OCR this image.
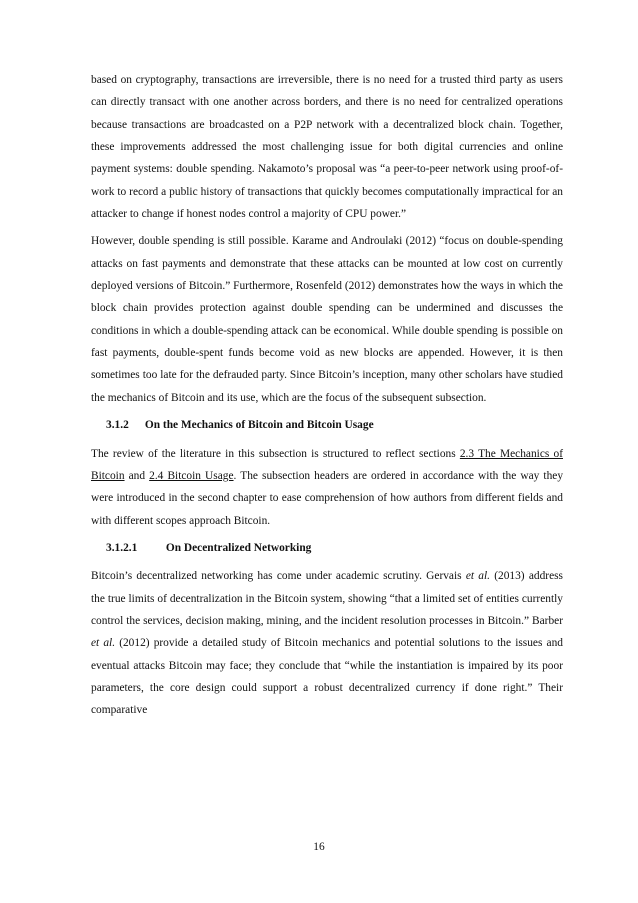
based on cryptography, transactions are irreversible, there is no need for a trusted third party as users can directly transact with one another across borders, and there is no need for centralized operations because transactions are broadcasted on a P2P network with a decentralized block chain. Together, these improvements addressed the most challenging issue for both digital currencies and online payment systems: double spending. Nakamoto’s proposal was “a peer-to-peer network using proof-of-work to record a public history of transactions that quickly becomes computationally impractical for an attacker to change if honest nodes control a majority of CPU power.”

However, double spending is still possible. Karame and Androulaki (2012) “focus on double-spending attacks on fast payments and demonstrate that these attacks can be mounted at low cost on currently deployed versions of Bitcoin.” Furthermore, Rosenfeld (2012) demonstrates how the ways in which the block chain provides protection against double spending can be undermined and discusses the conditions in which a double-spending attack can be economical. While double spending is possible on fast payments, double-spent funds become void as new blocks are appended. However, it is then sometimes too late for the defrauded party. Since Bitcoin’s inception, many other scholars have studied the mechanics of Bitcoin and its use, which are the focus of the subsequent subsection.

3.1.2 On the Mechanics of Bitcoin and Bitcoin Usage

The review of the literature in this subsection is structured to reflect sections 2.3 The Mechanics of Bitcoin and 2.4 Bitcoin Usage. The subsection headers are ordered in accordance with the way they were introduced in the second chapter to ease comprehension of how authors from different fields and with different scopes approach Bitcoin.

3.1.2.1	On Decentralized Networking

Bitcoin’s decentralized networking has come under academic scrutiny. Gervais et al. (2013) address the true limits of decentralization in the Bitcoin system, showing “that a limited set of entities currently control the services, decision making, mining, and the incident resolution processes in Bitcoin.” Barber et al. (2012) provide a detailed study of Bitcoin mechanics and potential solutions to the issues and eventual attacks Bitcoin may face; they conclude that “while the instantiation is impaired by its poor parameters, the core design could support a robust decentralized currency if done right.” Their comparative

16
